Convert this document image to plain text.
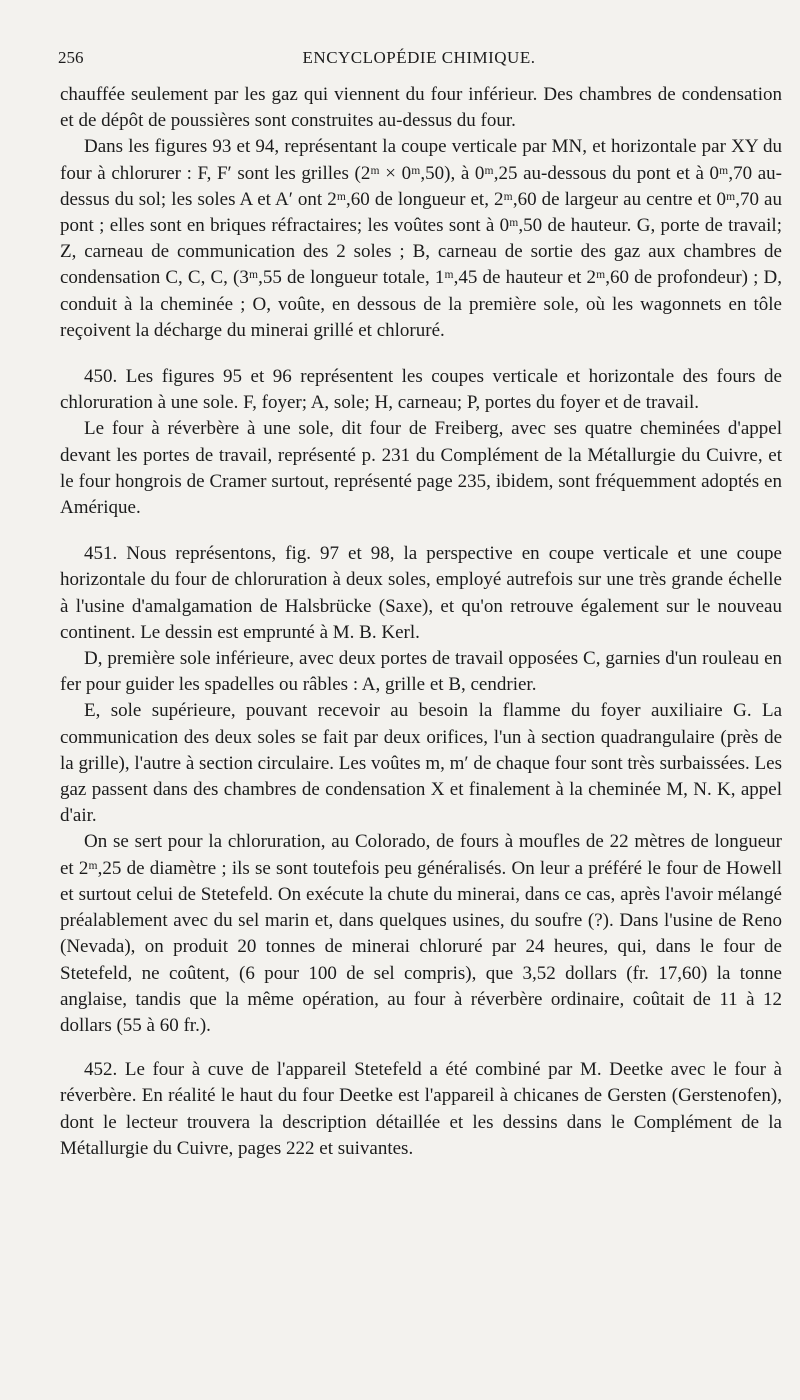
256	ENCYCLOPÉDIE CHIMIQUE.

chauffée seulement par les gaz qui viennent du four inférieur. Des chambres de condensation et de dépôt de poussières sont construites au-dessus du four.

Dans les figures 93 et 94, représentant la coupe verticale par MN, et horizontale par XY du four à chlorurer : F, F′ sont les grilles (2ᵐ × 0ᵐ,50), à 0ᵐ,25 au-dessous du pont et à 0ᵐ,70 au-dessus du sol; les soles A et A′ ont 2ᵐ,60 de longueur et, 2ᵐ,60 de largeur au centre et 0ᵐ,70 au pont ; elles sont en briques réfractaires; les voûtes sont à 0ᵐ,50 de hauteur. G, porte de travail; Z, carneau de communication des 2 soles ; B, carneau de sortie des gaz aux chambres de condensation C, C, C, (3ᵐ,55 de longueur totale, 1ᵐ,45 de hauteur et 2ᵐ,60 de profondeur) ; D, conduit à la cheminée ; O, voûte, en dessous de la première sole, où les wagonnets en tôle reçoivent la décharge du minerai grillé et chloruré.

450. Les figures 95 et 96 représentent les coupes verticale et horizontale des fours de chloruration à une sole. F, foyer; A, sole; H, carneau; P, portes du foyer et de travail.

Le four à réverbère à une sole, dit four de Freiberg, avec ses quatre cheminées d'appel devant les portes de travail, représenté p. 231 du Complément de la Métallurgie du Cuivre, et le four hongrois de Cramer surtout, représenté page 235, ibidem, sont fréquemment adoptés en Amérique.

451. Nous représentons, fig. 97 et 98, la perspective en coupe verticale et une coupe horizontale du four de chloruration à deux soles, employé autrefois sur une très grande échelle à l'usine d'amalgamation de Halsbrücke (Saxe), et qu'on retrouve également sur le nouveau continent. Le dessin est emprunté à M. B. Kerl.

D, première sole inférieure, avec deux portes de travail opposées C, garnies d'un rouleau en fer pour guider les spadelles ou râbles : A, grille et B, cendrier.

E, sole supérieure, pouvant recevoir au besoin la flamme du foyer auxiliaire G. La communication des deux soles se fait par deux orifices, l'un à section quadrangulaire (près de la grille), l'autre à section circulaire. Les voûtes m, m′ de chaque four sont très surbaissées. Les gaz passent dans des chambres de condensation X et finalement à la cheminée M, N. K, appel d'air.

On se sert pour la chloruration, au Colorado, de fours à moufles de 22 mètres de longueur et 2ᵐ,25 de diamètre ; ils se sont toutefois peu généralisés. On leur a préféré le four de Howell et surtout celui de Stetefeld. On exécute la chute du minerai, dans ce cas, après l'avoir mélangé préalablement avec du sel marin et, dans quelques usines, du soufre (?). Dans l'usine de Reno (Nevada), on produit 20 tonnes de minerai chloruré par 24 heures, qui, dans le four de Stetefeld, ne coûtent, (6 pour 100 de sel compris), que 3,52 dollars (fr. 17,60) la tonne anglaise, tandis que la même opération, au four à réverbère ordinaire, coûtait de 11 à 12 dollars (55 à 60 fr.).

452. Le four à cuve de l'appareil Stetefeld a été combiné par M. Deetke avec le four à réverbère. En réalité le haut du four Deetke est l'appareil à chicanes de Gersten (Gerstenofen), dont le lecteur trouvera la description détaillée et les dessins dans le Complément de la Métallurgie du Cuivre, pages 222 et suivantes.
